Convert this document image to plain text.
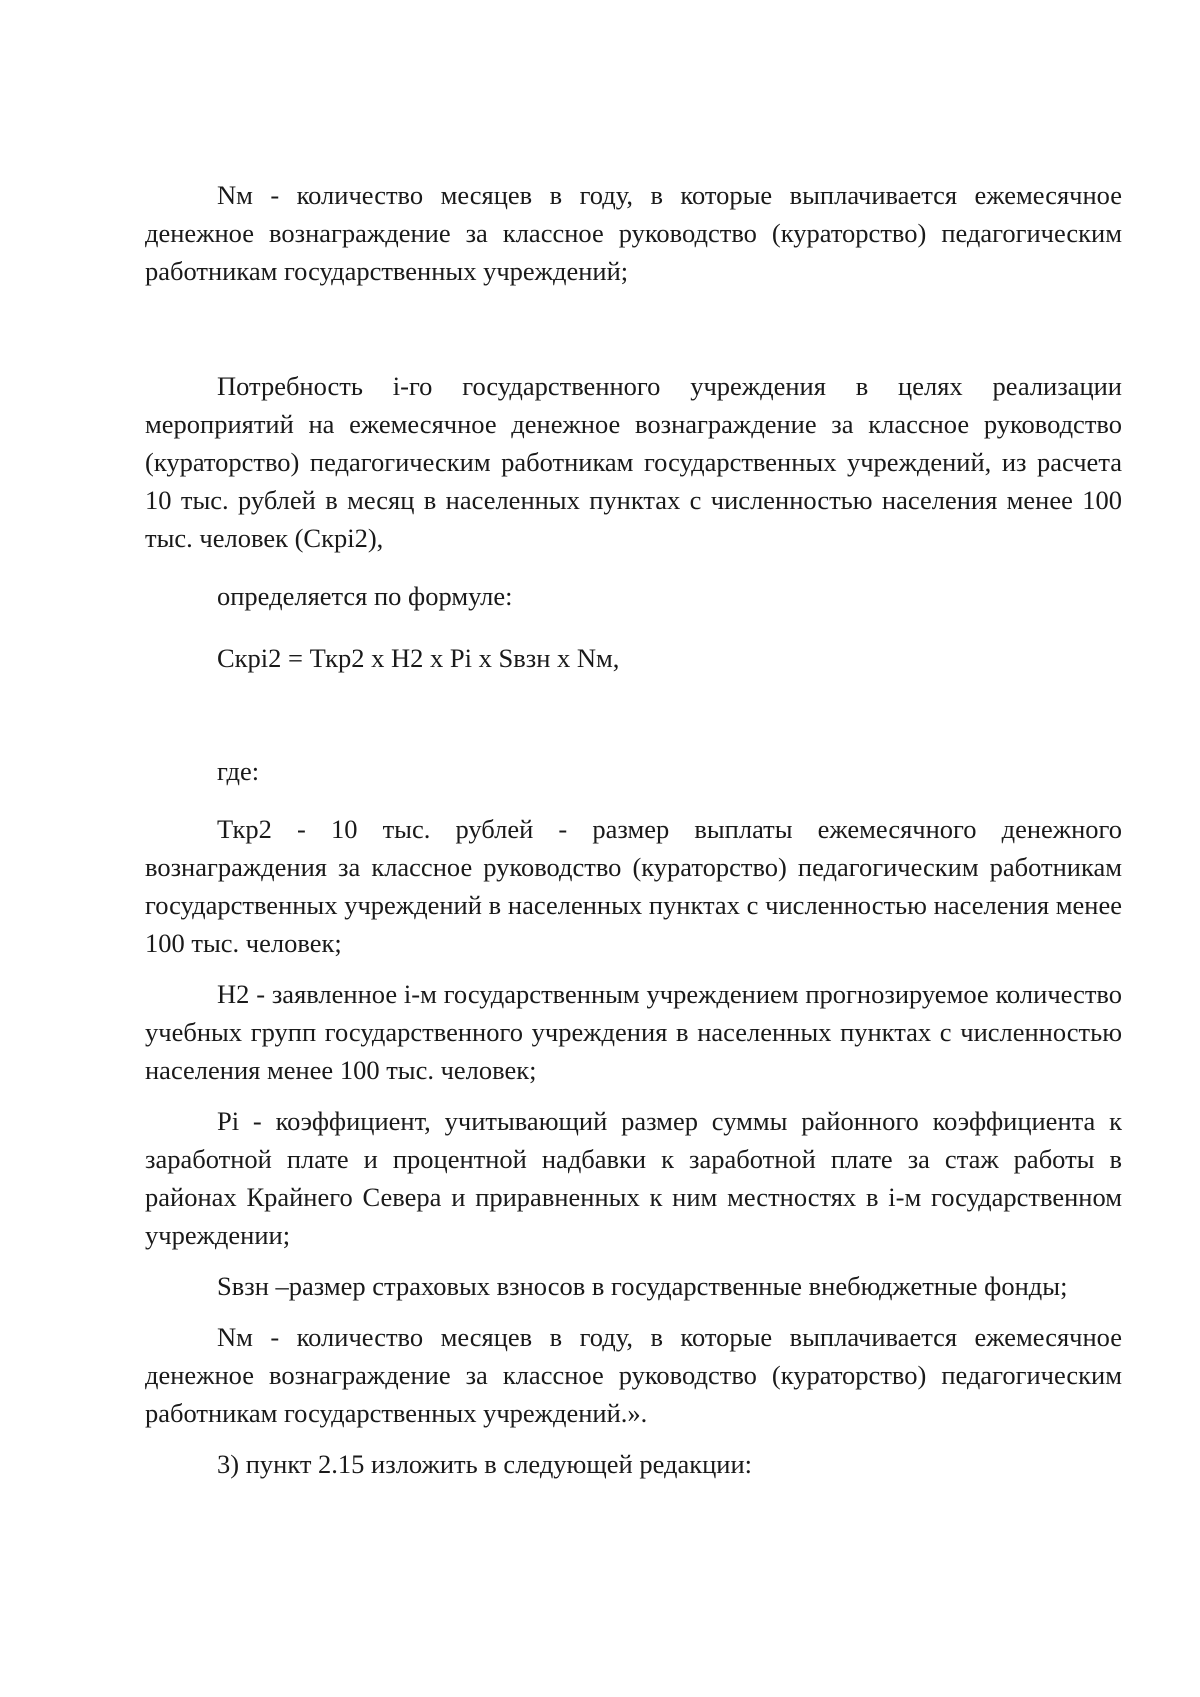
Nм - количество месяцев в году, в которые выплачивается ежемесячное денежное вознаграждение за классное руководство (кураторство) педагогическим работникам государственных учреждений;

Потребность i-го государственного учреждения в целях реализации мероприятий на ежемесячное денежное вознаграждение за классное руководство (кураторство) педагогическим работникам государственных учреждений, из расчета 10 тыс. рублей в месяц в населенных пунктах с численностью населения менее 100 тыс. человек (Скрi2),

определяется по формуле:

Скрi2 = Ткр2 х Н2 х Рi х Sвзн х Nм,

где:

Ткр2 - 10 тыс. рублей - размер выплаты ежемесячного денежного вознаграждения за классное руководство (кураторство) педагогическим работникам государственных учреждений в населенных пунктах с численностью населения менее 100 тыс. человек;

Н2 - заявленное i-м государственным учреждением прогнозируемое количество учебных групп государственного учреждения в населенных пунктах с численностью населения менее 100 тыс. человек;

Рi - коэффициент, учитывающий размер суммы районного коэффициента к заработной плате и процентной надбавки к заработной плате за стаж работы в районах Крайнего Севера и приравненных к ним местностях в i-м государственном учреждении;

Sвзн –размер страховых взносов в государственные внебюджетные фонды;

Nм - количество месяцев в году, в которые выплачивается ежемесячное денежное вознаграждение за классное руководство (кураторство) педагогическим работникам государственных учреждений.».

3) пункт 2.15 изложить в следующей редакции:
